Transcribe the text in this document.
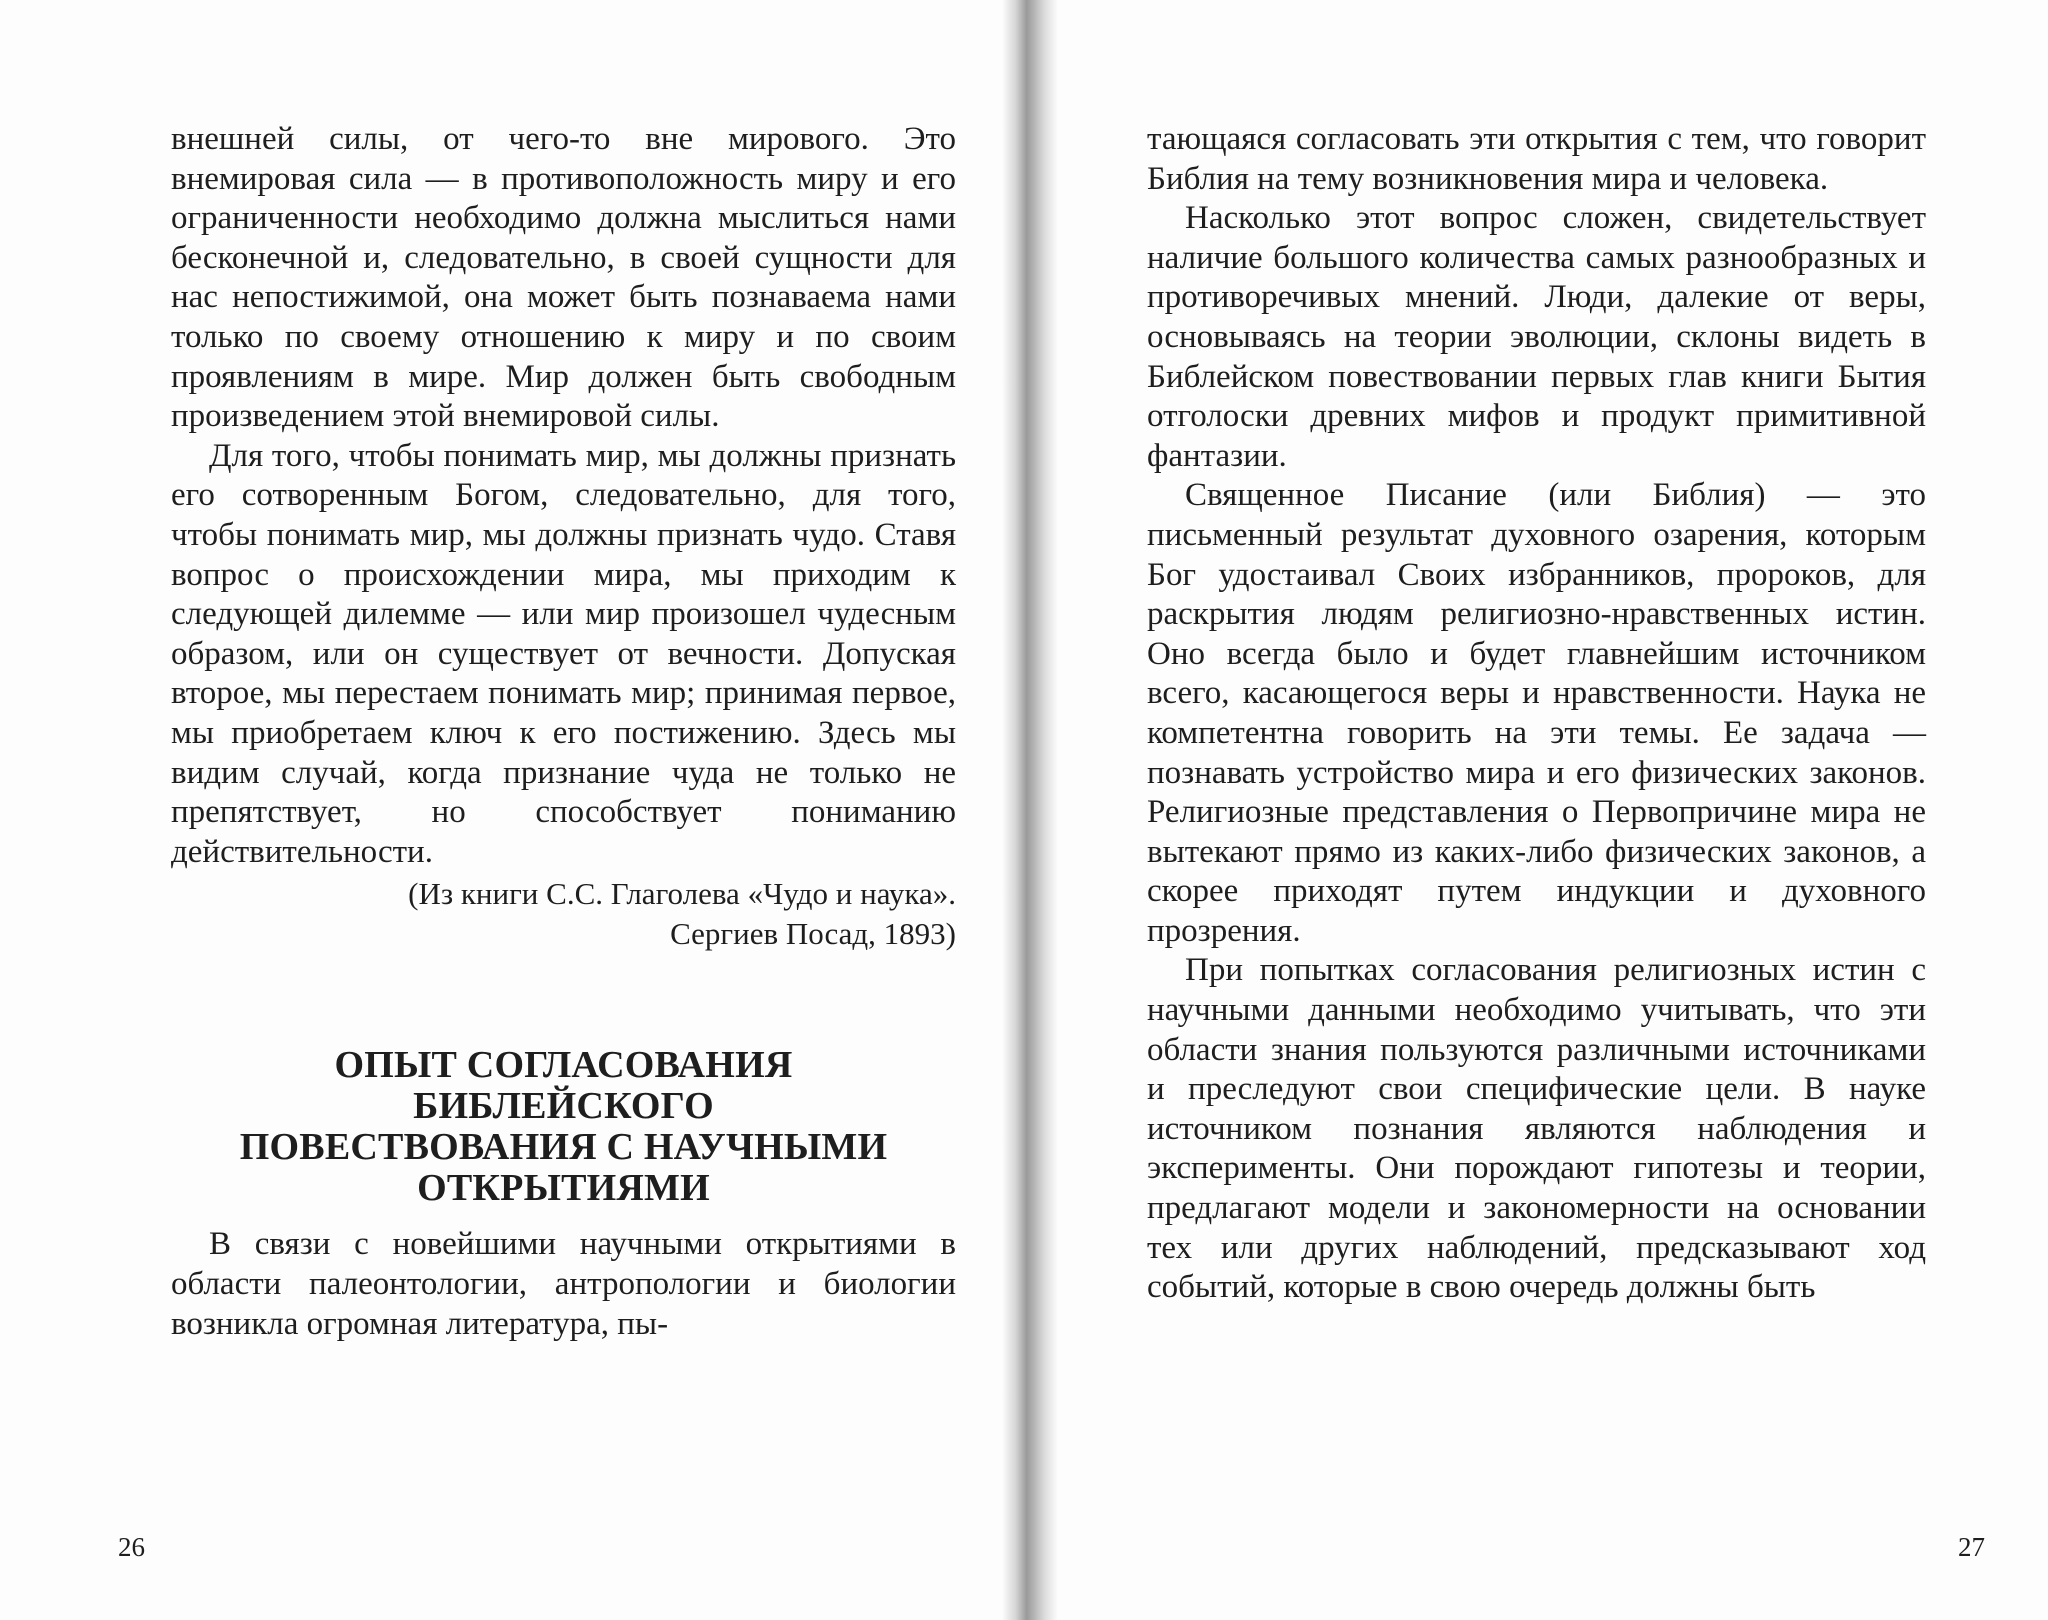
внешней силы, от чего-то вне мирового. Это внемировая сила — в противоположность миру и его ограниченности необходимо должна мыслиться нами бесконечной и, следовательно, в своей сущности для нас непостижимой, она может быть познаваема нами только по своему отношению к миру и по своим проявлениям в мире. Мир должен быть свободным произведением этой внемировой силы.

Для того, чтобы понимать мир, мы должны признать его сотворенным Богом, следовательно, для того, чтобы понимать мир, мы должны признать чудо. Ставя вопрос о происхождении мира, мы приходим к следующей дилемме — или мир произошел чудесным образом, или он существует от вечности. Допуская второе, мы перестаем понимать мир; принимая первое, мы приобретаем ключ к его постижению. Здесь мы видим случай, когда признание чуда не только не препятствует, но способствует пониманию действительности.

(Из книги С.С. Глаголева «Чудо и наука».
Сергиев Посад, 1893)
ОПЫТ СОГЛАСОВАНИЯ
БИБЛЕЙСКОГО
ПОВЕСТВОВАНИЯ С НАУЧНЫМИ
ОТКРЫТИЯМИ

В связи с новейшими научными открытиями в области палеонтологии, антропологии и биологии возникла огромная литература, пы-

26

тающаяся согласовать эти открытия с тем, что говорит Библия на тему возникновения мира и человека.

Насколько этот вопрос сложен, свидетельствует наличие большого количества самых разнообразных и противоречивых мнений. Люди, далекие от веры, основываясь на теории эволюции, склоны видеть в Библейском повествовании первых глав книги Бытия отголоски древних мифов и продукт примитивной фантазии.

Священное Писание (или Библия) — это письменный результат духовного озарения, которым Бог удостаивал Своих избранников, пророков, для раскрытия людям религиозно-нравственных истин. Оно всегда было и будет главнейшим источником всего, касающегося веры и нравственности. Наука не компетентна говорить на эти темы. Ее задача — познавать устройство мира и его физических законов. Религиозные представления о Первопричине мира не вытекают прямо из каких-либо физических законов, а скорее приходят путем индукции и духовного прозрения.

При попытках согласования религиозных истин с научными данными необходимо учитывать, что эти области знания пользуются различными источниками и преследуют свои специфические цели. В науке источником познания являются наблюдения и эксперименты. Они порождают гипотезы и теории, предлагают модели и закономерности на основании тех или других наблюдений, предсказывают ход событий, которые в свою очередь должны быть

27
